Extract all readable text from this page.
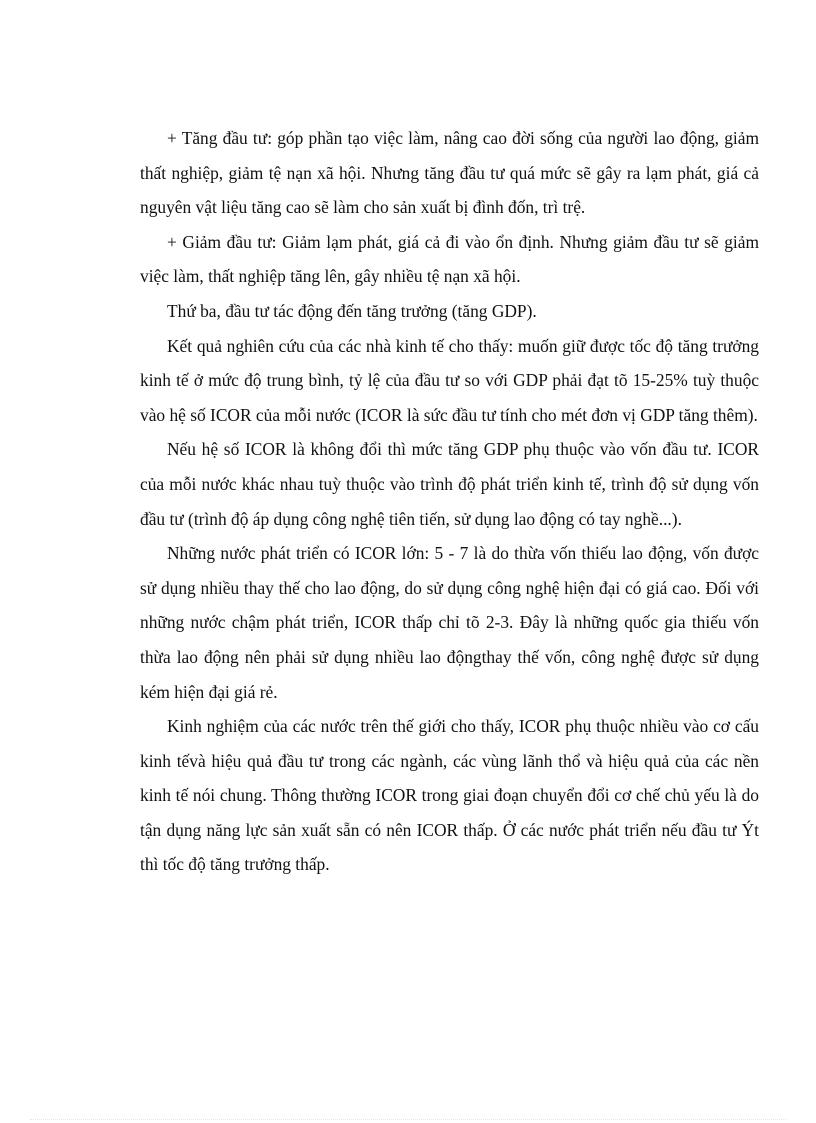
+ Tăng đầu tư: góp phần tạo việc làm, nâng cao đời sống của người lao động, giảm thất nghiệp, giảm tệ nạn xã hội. Nhưng tăng đầu tư quá mức sẽ gây ra lạm phát, giá cả nguyên vật liệu tăng cao sẽ làm cho sản xuất bị đình đốn, trì trệ.

+ Giảm đầu tư: Giảm lạm phát, giá cả đi vào ổn định. Nhưng giảm đầu tư sẽ giảm việc làm, thất nghiệp tăng lên, gây nhiều tệ nạn xã hội.

Thứ ba, đầu tư tác động đến tăng trưởng (tăng GDP).

Kết quả nghiên cứu của các nhà kinh tế cho thấy: muốn giữ được tốc độ tăng trưởng kinh tế ở mức độ trung bình, tỷ lệ của đầu tư so với GDP phải đạt tõ 15-25% tuỳ thuộc vào hệ số ICOR của mỗi nước (ICOR là sức đầu tư tính cho mét đơn vị GDP tăng thêm).

Nếu hệ số ICOR là không đổi thì mức tăng GDP phụ thuộc vào vốn đầu tư. ICOR của mỗi nước khác nhau tuỳ thuộc vào trình độ phát triển kinh tế, trình độ sử dụng vốn đầu tư (trình độ áp dụng công nghệ tiên tiến, sử dụng lao động có tay nghề...).

Những nước phát triển có ICOR lớn: 5 - 7 là do thừa vốn thiếu lao động, vốn được sử dụng nhiều thay thế cho lao động, do sử dụng công nghệ hiện đại có giá cao. Đối với những nước chậm phát triển, ICOR thấp chỉ tõ 2-3. Đây là những quốc gia thiếu vốn thừa lao động nên phải sử dụng nhiều lao độngthay thế vốn, công nghệ được sử dụng kém hiện đại giá rẻ.

Kinh nghiệm của các nước trên thế giới cho thấy, ICOR phụ thuộc nhiều vào cơ cấu kinh tếvà hiệu quả đầu tư trong các ngành, các vùng lãnh thổ và hiệu quả của các nền kinh tế nói chung. Thông thường ICOR trong giai đoạn chuyển đổi cơ chế chủ yếu là do tận dụng năng lực sản xuất sẵn có nên ICOR thấp. Ở các nước phát triển nếu đầu tư Ýt thì tốc độ tăng trưởng thấp.
